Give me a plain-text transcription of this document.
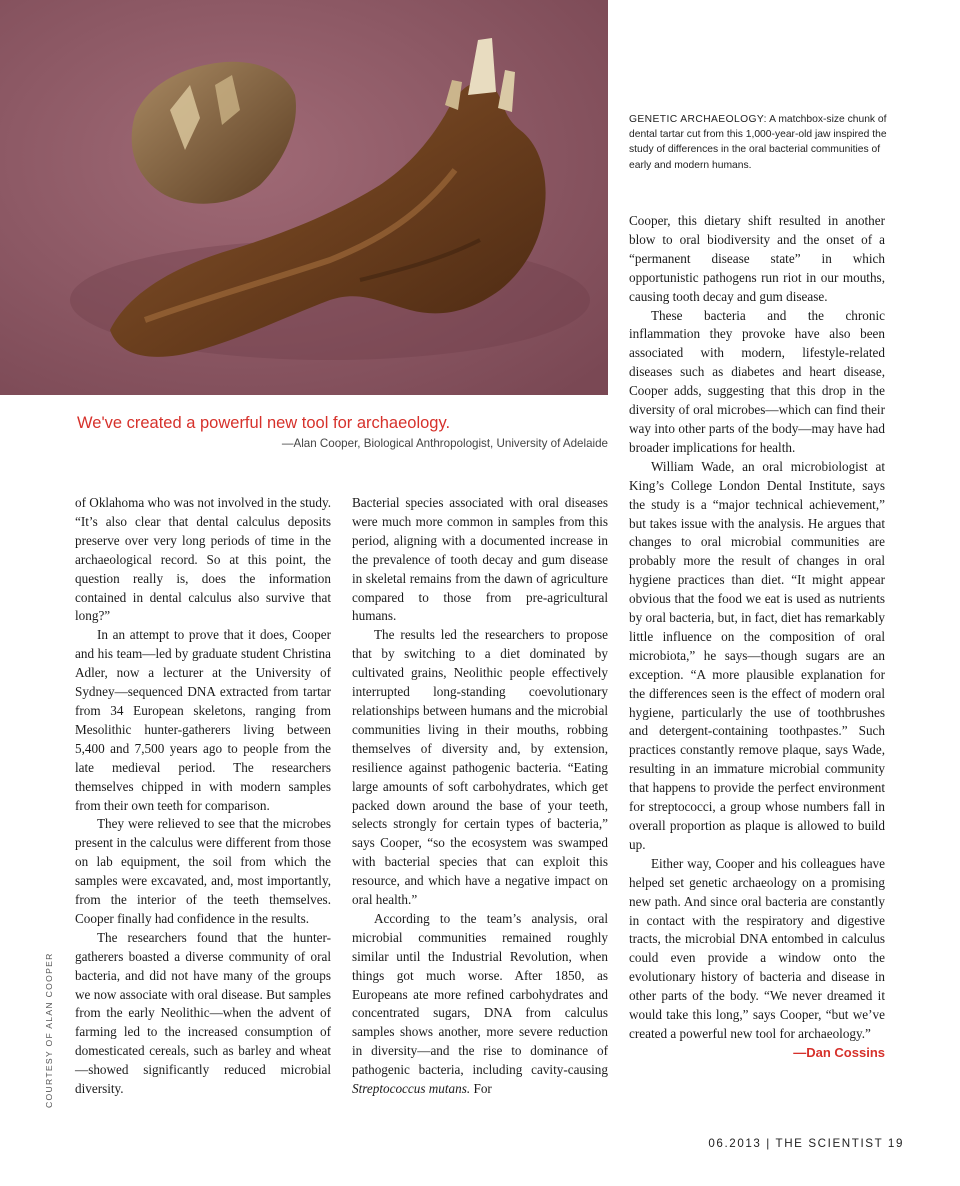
GENETIC ARCHAEOLOGY: A matchbox-size chunk of dental tartar cut from this 1,000-year-old jaw inspired the study of differences in the oral bacterial communities of early and modern humans.
We've created a powerful new tool for archaeology.
—Alan Cooper, Biological Anthropologist, University of Adelaide

of Oklahoma who was not involved in the study. “It’s also clear that dental calculus deposits preserve over very long periods of time in the archaeological record. So at this point, the question really is, does the information contained in dental calculus also survive that long?”

In an attempt to prove that it does, Cooper and his team—led by graduate student Christina Adler, now a lecturer at the University of Sydney—sequenced DNA extracted from tartar from 34 European skeletons, ranging from Mesolithic hunter-gatherers living between 5,400 and 7,500 years ago to people from the late medieval period. The researchers themselves chipped in with modern samples from their own teeth for comparison.

They were relieved to see that the microbes present in the calculus were different from those on lab equipment, the soil from which the samples were excavated, and, most importantly, from the interior of the teeth themselves. Cooper finally had confidence in the results.

The researchers found that the hunter-gatherers boasted a diverse community of oral bacteria, and did not have many of the groups we now associate with oral disease. But samples from the early Neolithic—when the advent of farming led to the increased consumption of domesticated cereals, such as barley and wheat—showed significantly reduced microbial diversity.

Bacterial species associated with oral diseases were much more common in samples from this period, aligning with a documented increase in the prevalence of tooth decay and gum disease in skeletal remains from the dawn of agriculture compared to those from pre-agricultural humans.

The results led the researchers to propose that by switching to a diet dominated by cultivated grains, Neolithic people effectively interrupted long-standing coevolutionary relationships between humans and the microbial communities living in their mouths, robbing themselves of diversity and, by extension, resilience against pathogenic bacteria. “Eating large amounts of soft carbohydrates, which get packed down around the base of your teeth, selects strongly for certain types of bacteria,” says Cooper, “so the ecosystem was swamped with bacterial species that can exploit this resource, and which have a negative impact on oral health.”

According to the team’s analysis, oral microbial communities remained roughly similar until the Industrial Revolution, when things got much worse. After 1850, as Europeans ate more refined carbohydrates and concentrated sugars, DNA from calculus samples shows another, more severe reduction in diversity—and the rise to dominance of pathogenic bacteria, including cavity-causing Streptococcus mutans. For

Cooper, this dietary shift resulted in another blow to oral biodiversity and the onset of a “permanent disease state” in which opportunistic pathogens run riot in our mouths, causing tooth decay and gum disease.

These bacteria and the chronic inflammation they provoke have also been associated with modern, lifestyle-related diseases such as diabetes and heart disease, Cooper adds, suggesting that this drop in the diversity of oral microbes—which can find their way into other parts of the body—may have had broader implications for health.

William Wade, an oral microbiologist at King’s College London Dental Institute, says the study is a “major technical achievement,” but takes issue with the analysis. He argues that changes to oral microbial communities are probably more the result of changes in oral hygiene practices than diet. “It might appear obvious that the food we eat is used as nutrients by oral bacteria, but, in fact, diet has remarkably little influence on the composition of oral microbiota,” he says—though sugars are an exception. “A more plausible explanation for the differences seen is the effect of modern oral hygiene, particularly the use of toothbrushes and detergent-containing toothpastes.” Such practices constantly remove plaque, says Wade, resulting in an immature microbial community that happens to provide the perfect environment for streptococci, a group whose numbers fall in overall proportion as plaque is allowed to build up.

Either way, Cooper and his colleagues have helped set genetic archaeology on a promising new path. And since oral bacteria are constantly in contact with the respiratory and digestive tracts, the microbial DNA entombed in calculus could even provide a window onto the evolutionary history of bacteria and disease in other parts of the body. “We never dreamed it would take this long,” says Cooper, “but we’ve created a powerful new tool for archaeology.”

—Dan Cossins
COURTESY OF ALAN COOPER
06.2013 | THE SCIENTIST 19
